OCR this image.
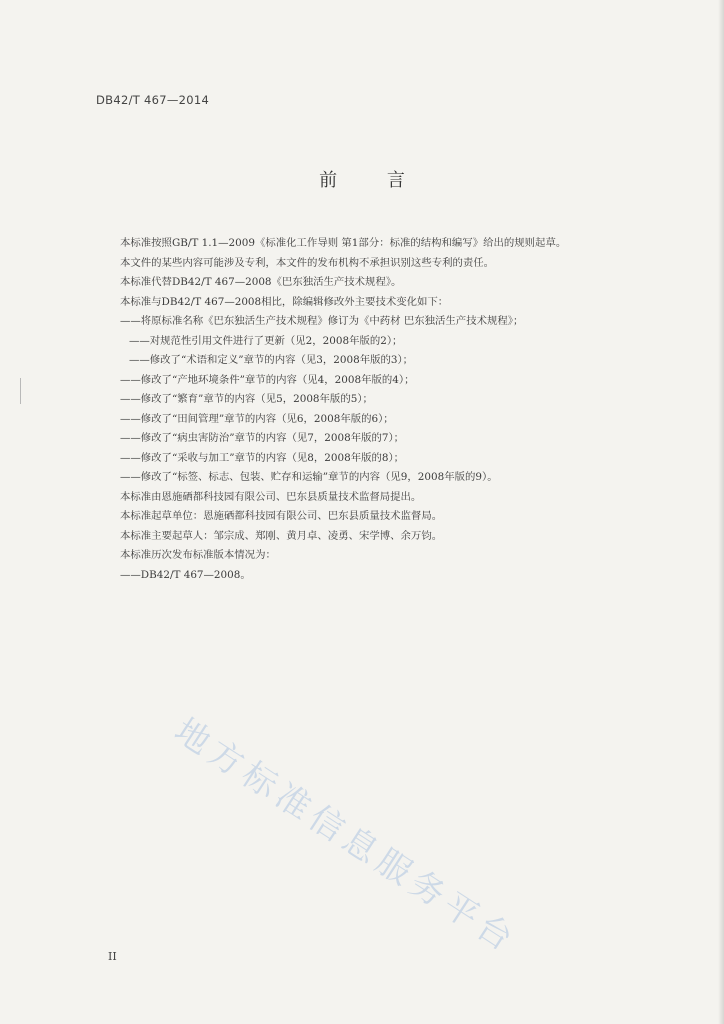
DB42/T 467—2014
前 言
本标准按照GB/T 1.1—2009《标准化工作导则 第1部分：标准的结构和编写》给出的规则起草。
本文件的某些内容可能涉及专利，本文件的发布机构不承担识别这些专利的责任。
本标准代替DB42/T 467—2008《巴东独活生产技术规程》。
本标准与DB42/T 467—2008相比，除编辑修改外主要技术变化如下：
——将原标准名称《巴东独活生产技术规程》修订为《中药材 巴东独活生产技术规程》；
——对规范性引用文件进行了更新（见2，2008年版的2）；
——修改了“术语和定义”章节的内容（见3，2008年版的3）；
——修改了“产地环境条件”章节的内容（见4，2008年版的4）；
——修改了“繁育”章节的内容（见5，2008年版的5）；
——修改了“田间管理”章节的内容（见6，2008年版的6）；
——修改了“病虫害防治”章节的内容（见7，2008年版的7）；
——修改了“采收与加工”章节的内容（见8，2008年版的8）；
——修改了“标签、标志、包装、贮存和运输”章节的内容（见9，2008年版的9）。
本标准由恩施硒都科技园有限公司、巴东县质量技术监督局提出。
本标准起草单位：恩施硒都科技园有限公司、巴东县质量技术监督局。
本标准主要起草人：邹宗成、郑刚、黄月卓、凌勇、宋学博、余万钧。
本标准历次发布标准版本情况为：
——DB42/T 467—2008。
地方标准信息服务平台
II
